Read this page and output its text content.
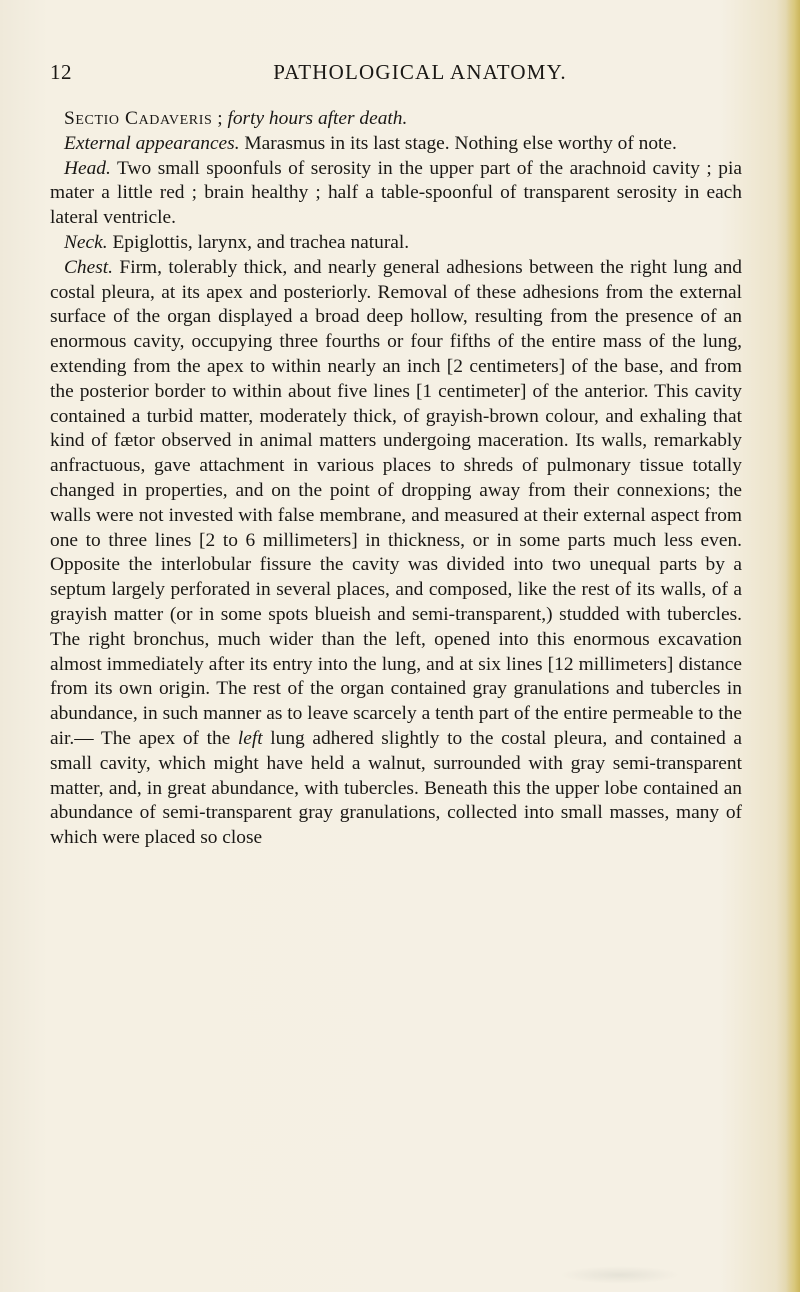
12	PATHOLOGICAL ANATOMY.

Sectio Cadaveris ; forty hours after death.

External appearances. Marasmus in its last stage. Nothing else worthy of note.

Head. Two small spoonfuls of serosity in the upper part of the arachnoid cavity ; pia mater a little red ; brain healthy ; half a table-spoonful of transparent serosity in each lateral ventricle.

Neck. Epiglottis, larynx, and trachea natural.

Chest. Firm, tolerably thick, and nearly general adhesions between the right lung and costal pleura, at its apex and posteriorly. Removal of these adhesions from the external surface of the organ displayed a broad deep hollow, resulting from the presence of an enormous cavity, occupying three fourths or four fifths of the entire mass of the lung, extending from the apex to within nearly an inch [2 centimeters] of the base, and from the posterior border to within about five lines [1 centimeter] of the anterior. This cavity contained a turbid matter, moderately thick, of grayish-brown colour, and exhaling that kind of fætor observed in animal matters undergoing maceration. Its walls, remarkably anfractuous, gave attachment in various places to shreds of pulmonary tissue totally changed in properties, and on the point of dropping away from their connexions; the walls were not invested with false membrane, and measured at their external aspect from one to three lines [2 to 6 millimeters] in thickness, or in some parts much less even. Opposite the interlobular fissure the cavity was divided into two unequal parts by a septum largely perforated in several places, and composed, like the rest of its walls, of a grayish matter (or in some spots blueish and semi-transparent,) studded with tubercles. The right bronchus, much wider than the left, opened into this enormous excavation almost immediately after its entry into the lung, and at six lines [12 millimeters] distance from its own origin. The rest of the organ contained gray granulations and tubercles in abundance, in such manner as to leave scarcely a tenth part of the entire permeable to the air.— The apex of the left lung adhered slightly to the costal pleura, and contained a small cavity, which might have held a walnut, surrounded with gray semi-transparent matter, and, in great abundance, with tubercles. Beneath this the upper lobe contained an abundance of semi-transparent gray granulations, collected into small masses, many of which were placed so close
